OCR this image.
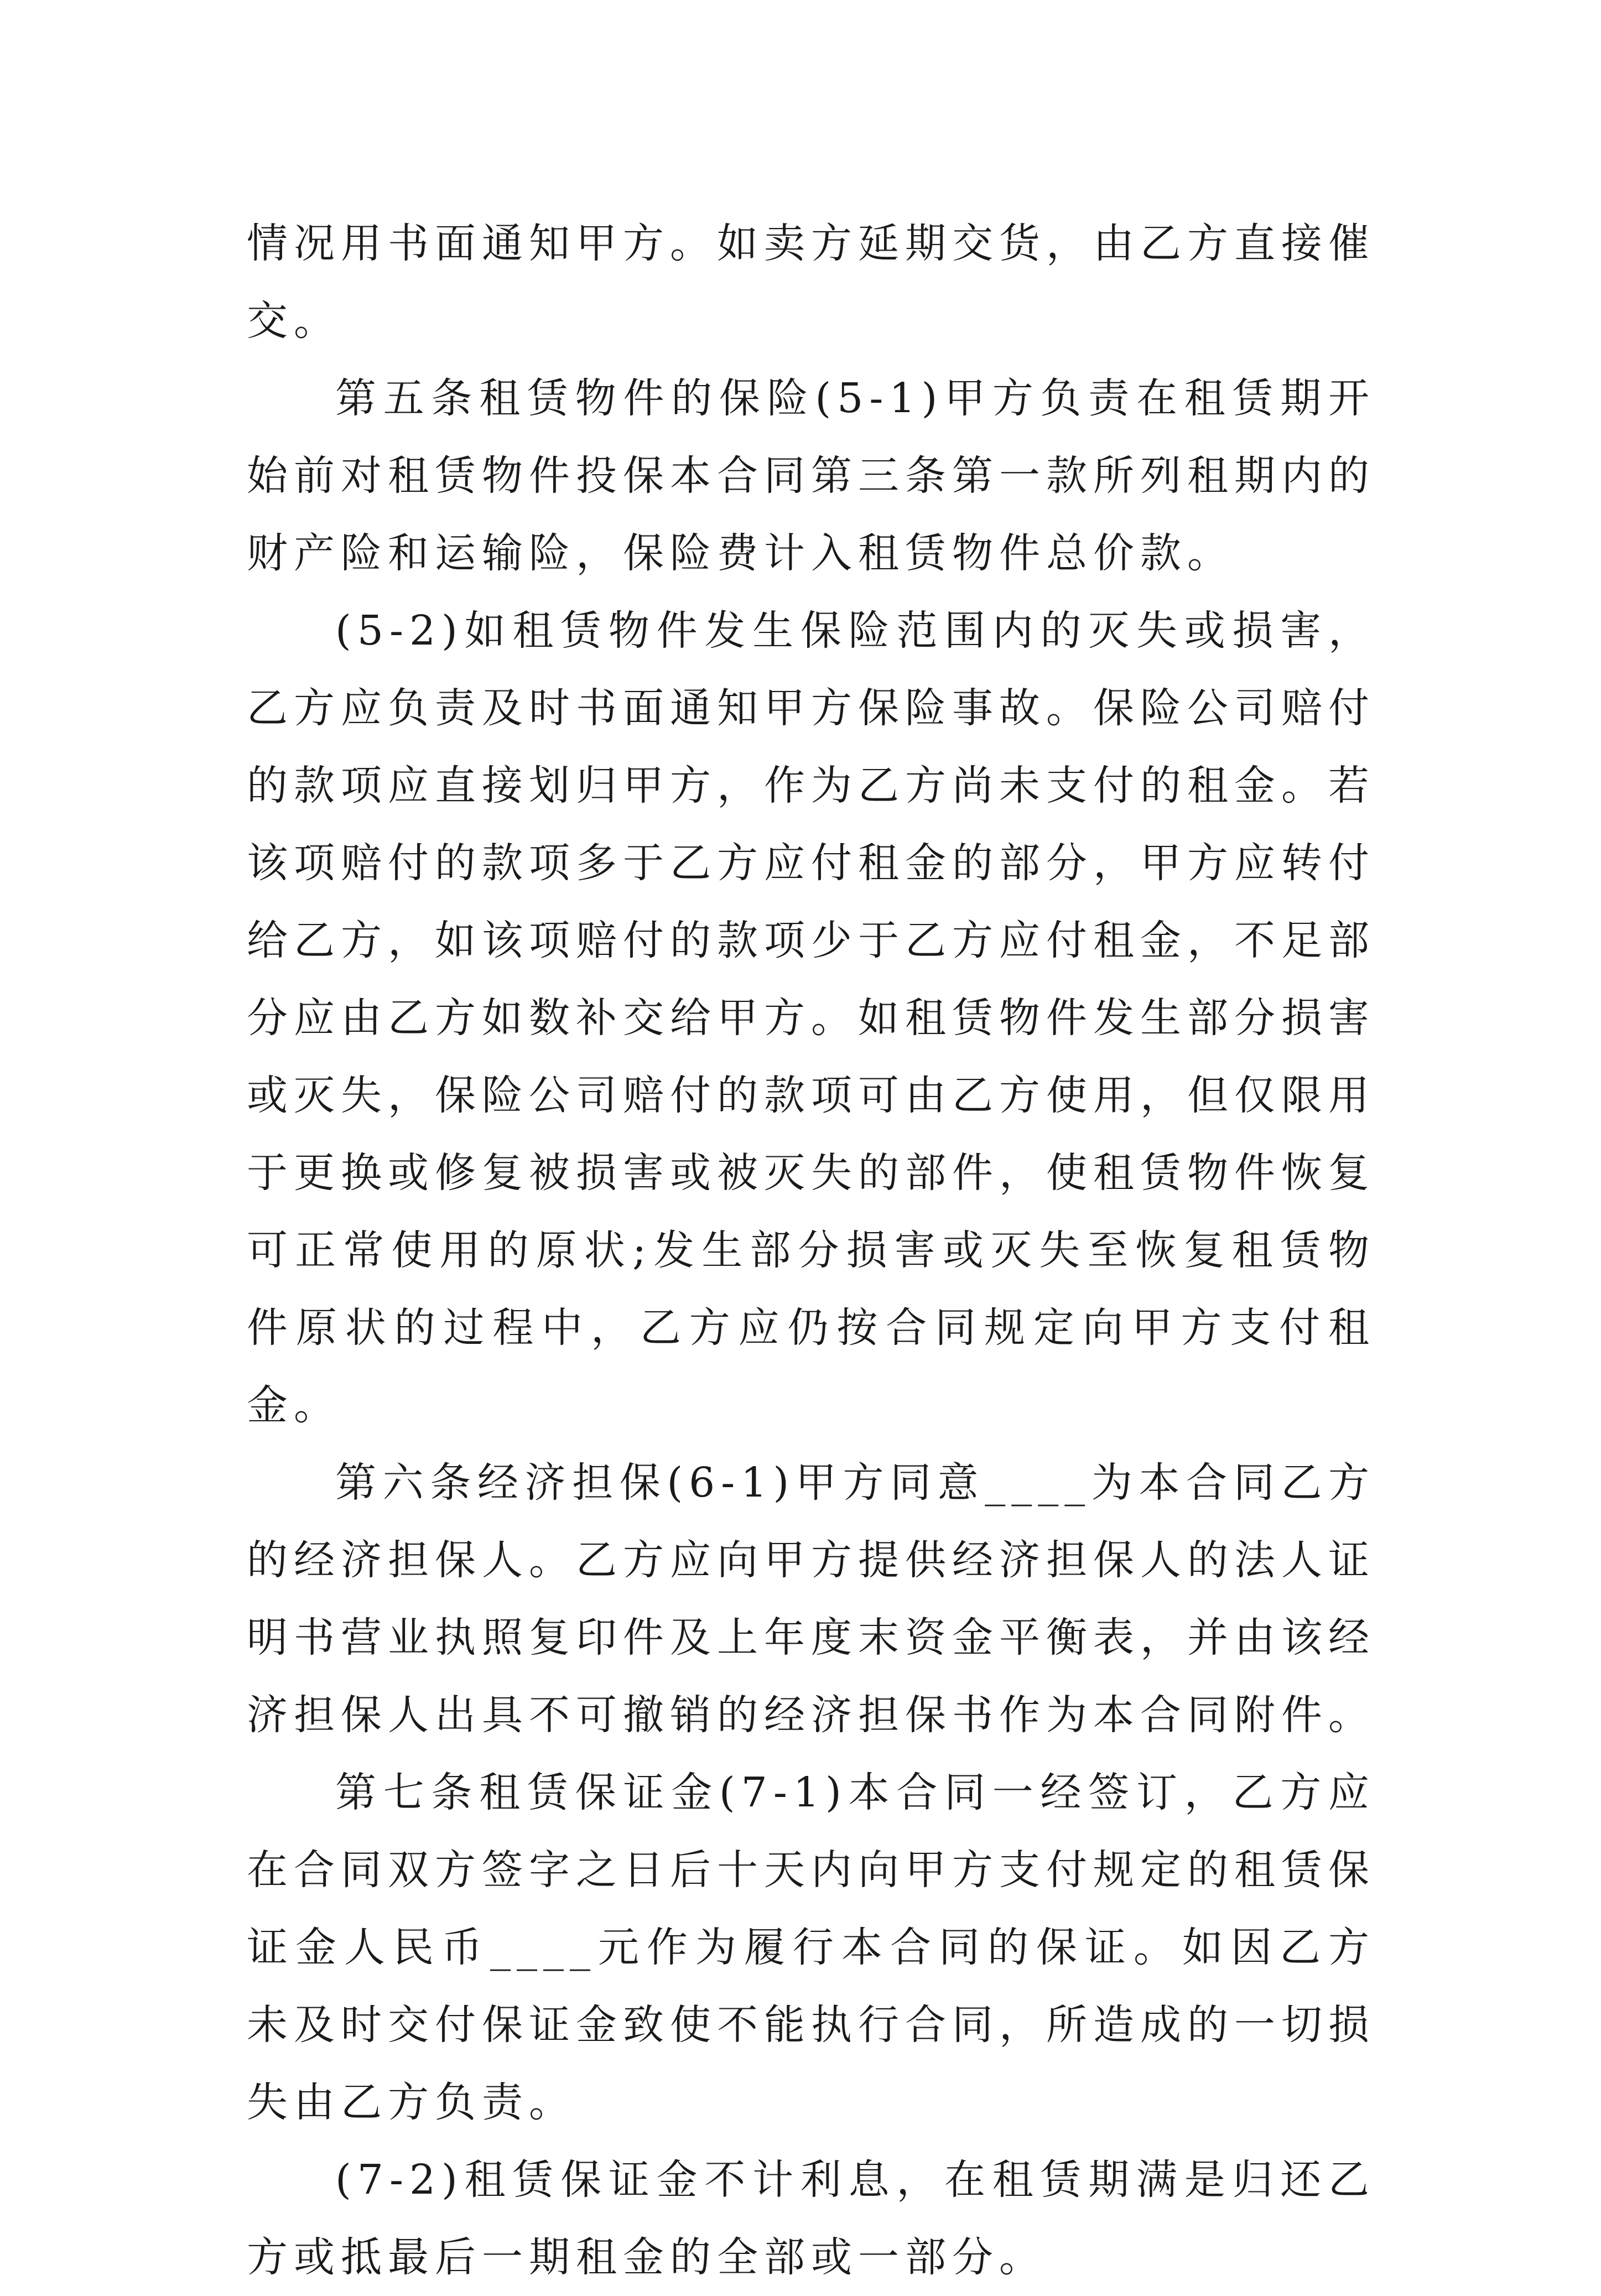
情况用书面通知甲方。如卖方延期交货，由乙方直接催交。

第五条租赁物件的保险(5-1)甲方负责在租赁期开始前对租赁物件投保本合同第三条第一款所列租期内的财产险和运输险，保险费计入租赁物件总价款。

(5-2)如租赁物件发生保险范围内的灭失或损害，乙方应负责及时书面通知甲方保险事故。保险公司赔付的款项应直接划归甲方，作为乙方尚未支付的租金。若该项赔付的款项多于乙方应付租金的部分，甲方应转付给乙方，如该项赔付的款项少于乙方应付租金，不足部分应由乙方如数补交给甲方。如租赁物件发生部分损害或灭失，保险公司赔付的款项可由乙方使用，但仅限用于更换或修复被损害或被灭失的部件，使租赁物件恢复可正常使用的原状;发生部分损害或灭失至恢复租赁物件原状的过程中，乙方应仍按合同规定向甲方支付租金。

第六条经济担保(6-1)甲方同意____为本合同乙方的经济担保人。乙方应向甲方提供经济担保人的法人证明书营业执照复印件及上年度末资金平衡表，并由该经济担保人出具不可撤销的经济担保书作为本合同附件。

第七条租赁保证金(7-1)本合同一经签订，乙方应在合同双方签字之日后十天内向甲方支付规定的租赁保证金人民币____元作为履行本合同的保证。如因乙方未及时交付保证金致使不能执行合同，所造成的一切损失由乙方负责。

(7-2)租赁保证金不计利息，在租赁期满是归还乙方或抵最后一期租金的全部或一部分。
